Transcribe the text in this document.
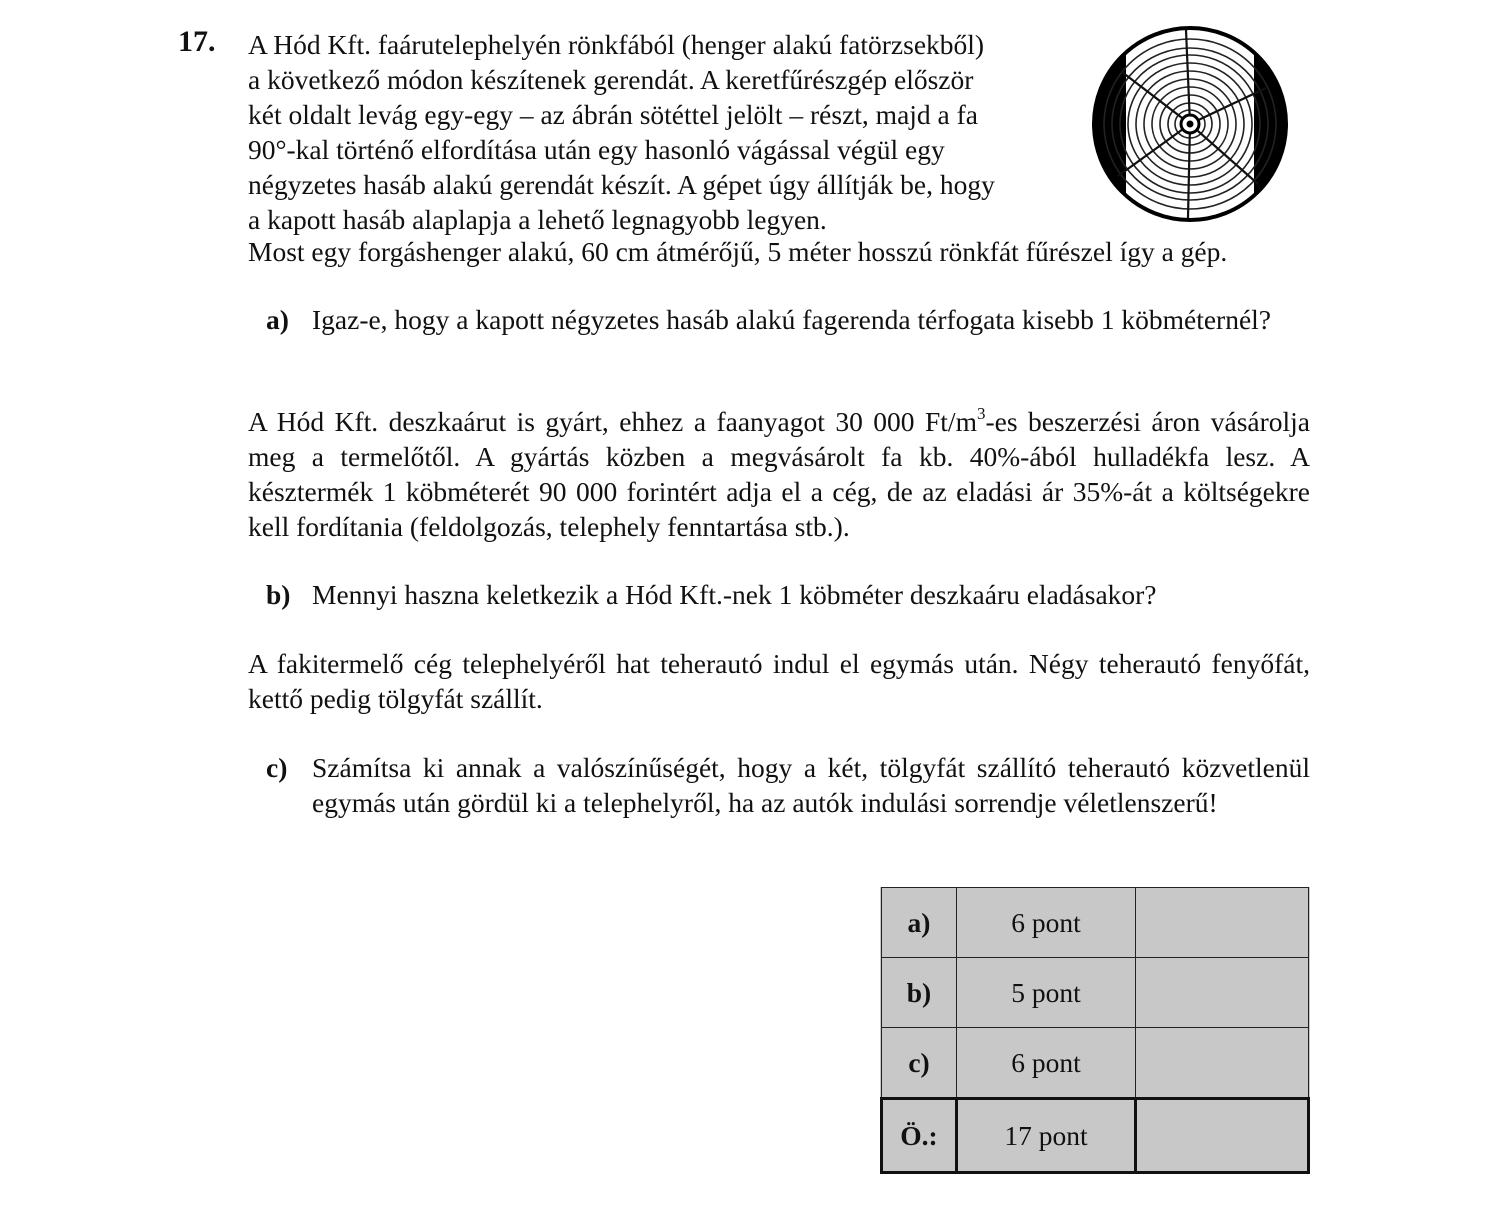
17. A Hód Kft. faárutelephelyén rönkfából (henger alakú fatörzsekből)

a következő módon készítenek gerendát. A keretfűrészgép először

két oldalt levág egy-egy – az ábrán sötéttel jelölt – részt, majd a fa

90°-kal történő elfordítása után egy hasonló vágással végül egy

négyzetes hasáb alakú gerendát készít. A gépet úgy állítják be, hogy

a kapott hasáb alaplapja a lehető legnagyobb legyen.

Most egy forgáshenger alakú, 60 cm átmérőjű, 5 méter hosszú rönkfát fűrészel így a gép.
a) Igaz-e, hogy a kapott négyzetes hasáb alakú fagerenda térfogata kisebb 1 köbméternél?

A Hód Kft. deszkaárut is gyárt, ehhez a faanyagot 30 000 $Ft/m^3-es$ beszerzési áron vásárolja meg a termelőtől. A gyártás közben a megvásárolt fa kb. 40%-ából hulladékfa lesz. A késztermék 1 köbméterét 90 000 forintért adja el a cég, de az eladási ár 35%-át a költségekre kell fordítania (feldolgozás, telephely fenntartása stb.).

b) Mennyi haszna keletkezik a Hód Kft.-nek 1 köbméter deszkaáru eladásakor?

A fakitermelő cég telephelyéről hat teherautó indul el egymás után. Négy teherautó fenyőfát, kettő pedig tölgyfát szállít.

c) Számítsa ki annak a valószínűségét, hogy a két, tölgyfát szállító teherautó közvetlenül egymás után gördül ki a telephelyről, ha az autók indulási sorrendje véletlenszerű!
a)	6 pont	
b)	5 pont	
c)	6 pont	
Ö.:	17 pont	
